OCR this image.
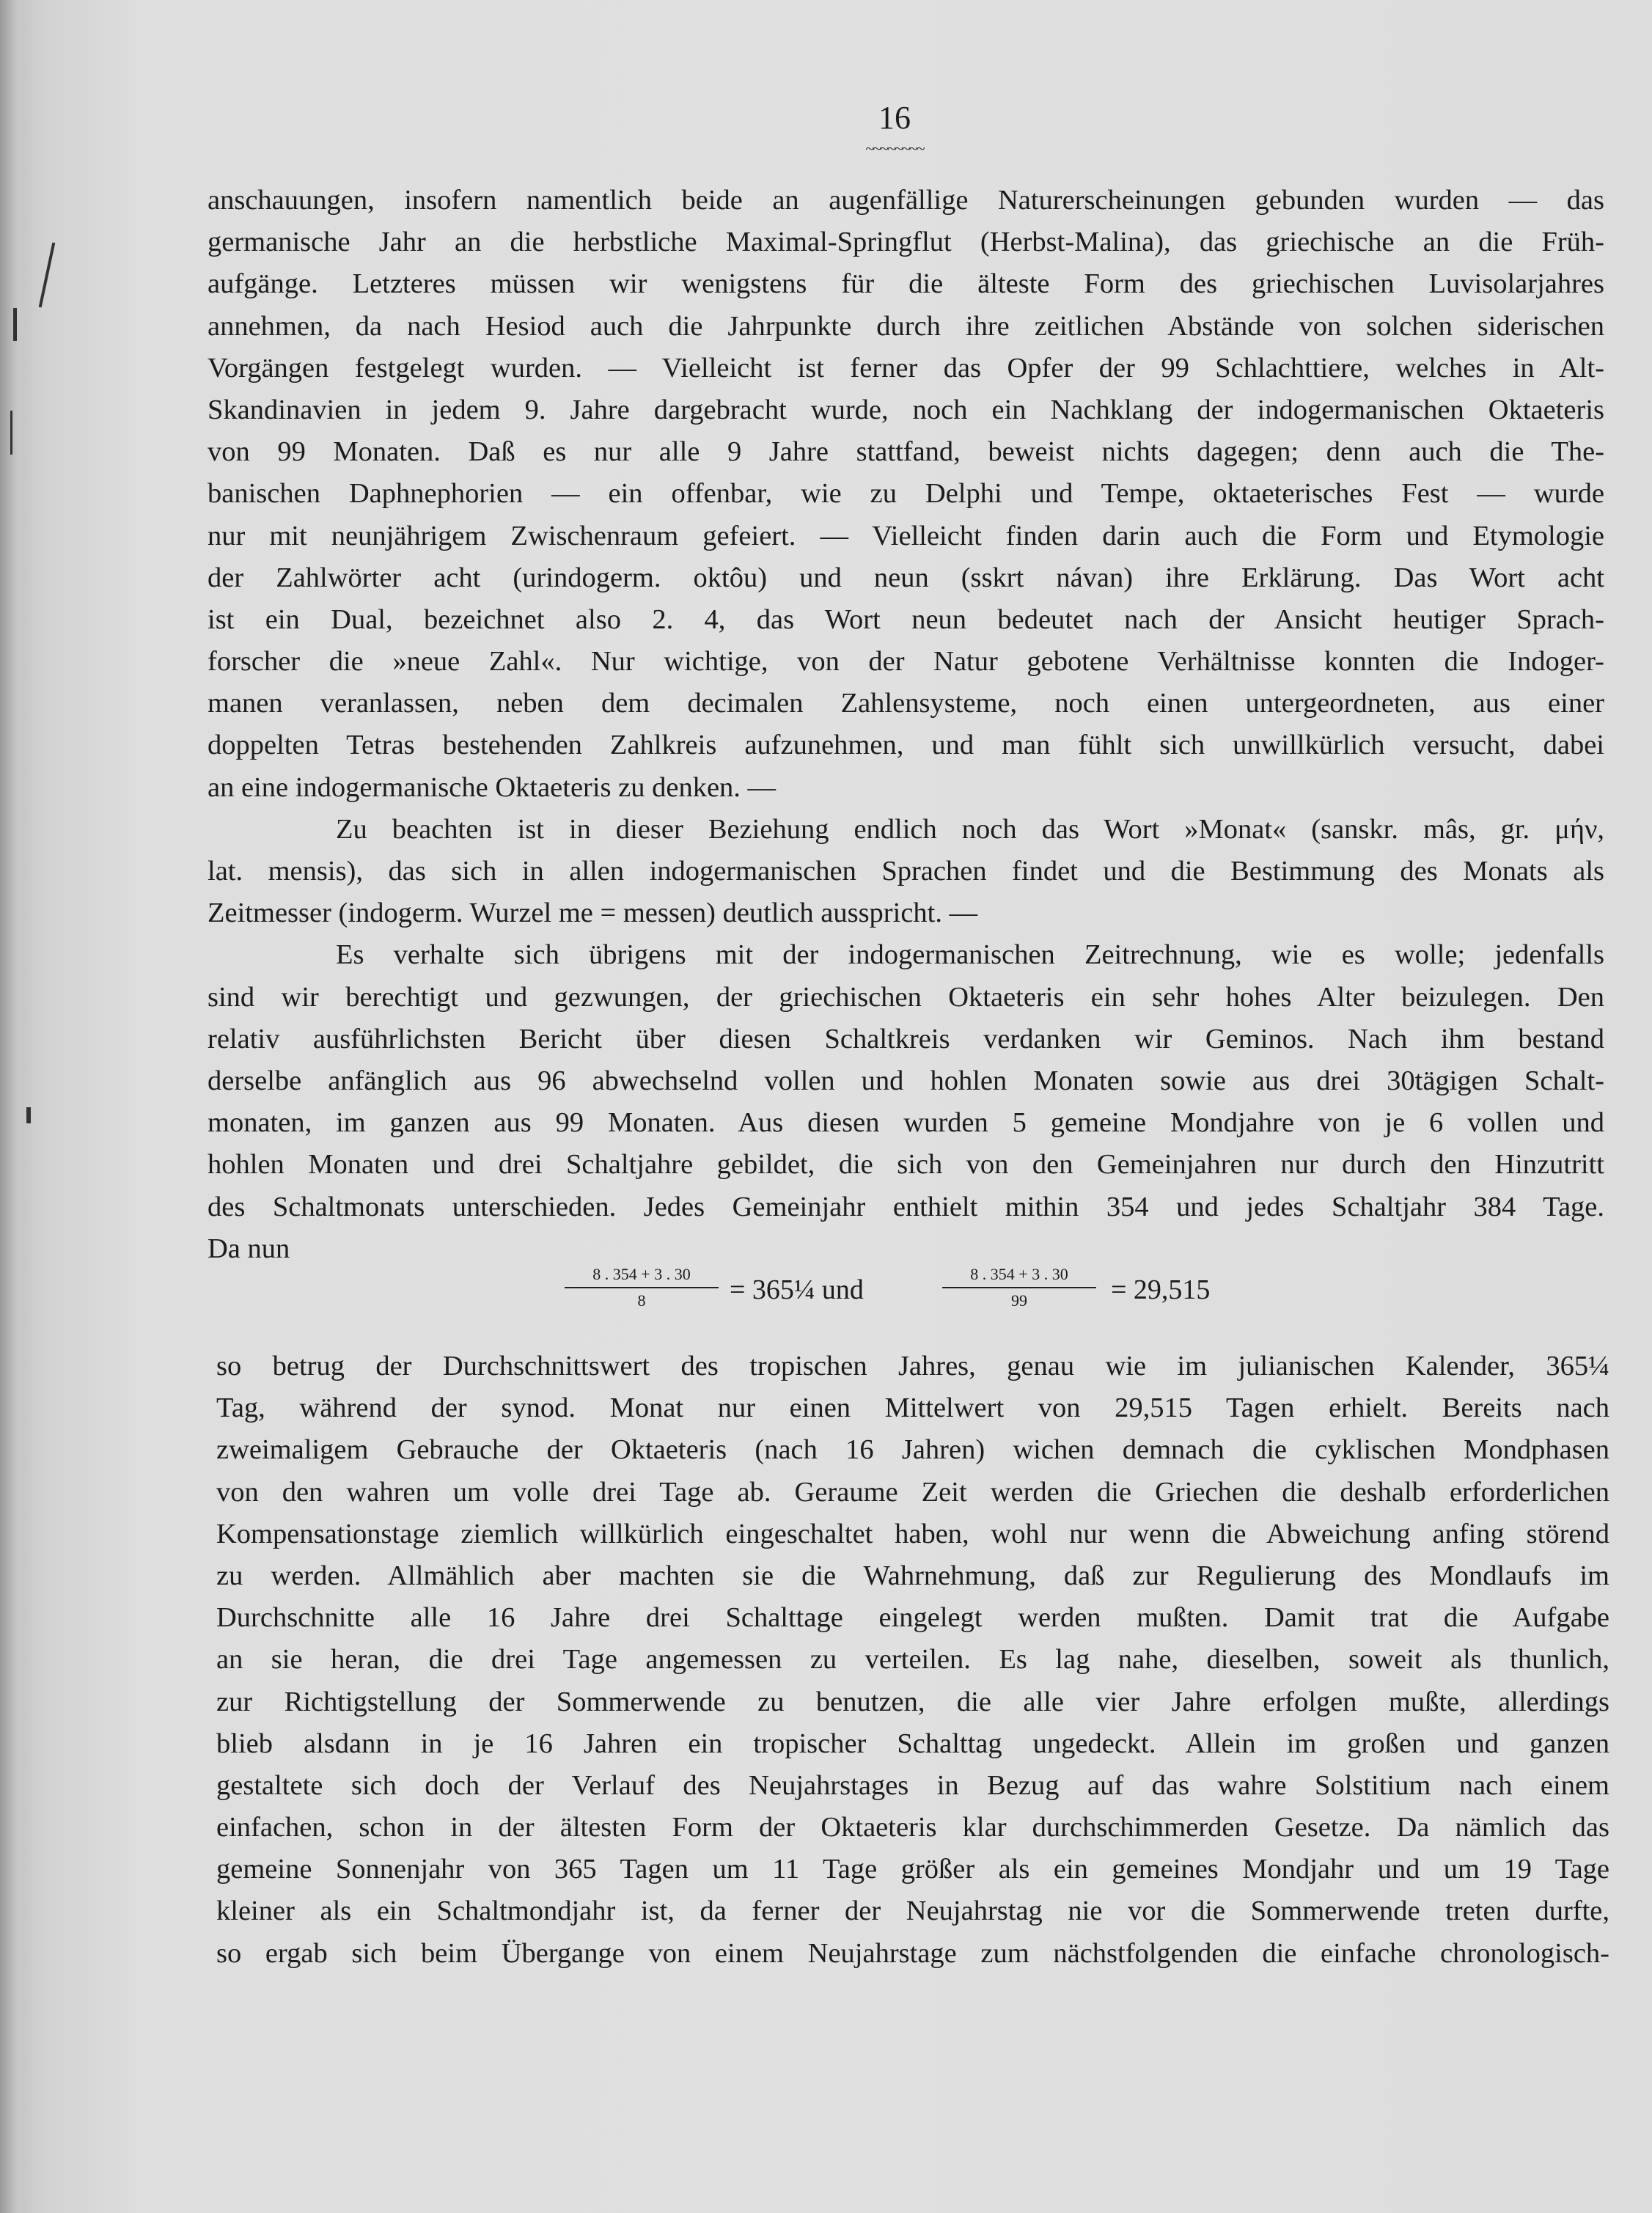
16
~~~~~~~~
anschauungen, insofern namentlich beide an augenfällige Naturerscheinungen gebunden wurden — das
germanische Jahr an die herbstliche Maximal-Springflut (Herbst-Malina), das griechische an die Früh-
aufgänge. Letzteres müssen wir wenigstens für die älteste Form des griechischen Luvisolarjahres
annehmen, da nach Hesiod auch die Jahrpunkte durch ihre zeitlichen Abstände von solchen siderischen
Vorgängen festgelegt wurden. — Vielleicht ist ferner das Opfer der 99 Schlachttiere, welches in Alt-
Skandinavien in jedem 9. Jahre dargebracht wurde, noch ein Nachklang der indogermanischen Oktaeteris
von 99 Monaten. Daß es nur alle 9 Jahre stattfand, beweist nichts dagegen; denn auch die The-
banischen Daphnephorien — ein offenbar, wie zu Delphi und Tempe, oktaeterisches Fest — wurde
nur mit neunjährigem Zwischenraum gefeiert. — Vielleicht finden darin auch die Form und Etymologie
der Zahlwörter acht (urindogerm. oktôu) und neun (sskrt návan) ihre Erklärung. Das Wort acht
ist ein Dual, bezeichnet also 2. 4, das Wort neun bedeutet nach der Ansicht heutiger Sprach-
forscher die »neue Zahl«. Nur wichtige, von der Natur gebotene Verhältnisse konnten die Indoger-
manen veranlassen, neben dem decimalen Zahlensysteme, noch einen untergeordneten, aus einer
doppelten Tetras bestehenden Zahlkreis aufzunehmen, und man fühlt sich unwillkürlich versucht, dabei
an eine indogermanische Oktaeteris zu denken. —
Zu beachten ist in dieser Beziehung endlich noch das Wort »Monat« (sanskr. mâs, gr. μήν,
lat. mensis), das sich in allen indogermanischen Sprachen findet und die Bestimmung des Monats als
Zeitmesser (indogerm. Wurzel me = messen) deutlich ausspricht. —
Es verhalte sich übrigens mit der indogermanischen Zeitrechnung, wie es wolle; jedenfalls
sind wir berechtigt und gezwungen, der griechischen Oktaeteris ein sehr hohes Alter beizulegen. Den
relativ ausführlichsten Bericht über diesen Schaltkreis verdanken wir Geminos. Nach ihm bestand
derselbe anfänglich aus 96 abwechselnd vollen und hohlen Monaten sowie aus drei 30tägigen Schalt-
monaten, im ganzen aus 99 Monaten. Aus diesen wurden 5 gemeine Mondjahre von je 6 vollen und
hohlen Monaten und drei Schaltjahre gebildet, die sich von den Gemeinjahren nur durch den Hinzutritt
des Schaltmonats unterschieden. Jedes Gemeinjahr enthielt mithin 354 und jedes Schaltjahr 384 Tage.
Da nun
$\frac{8 . 354 + 3 . 30}{8}$ = 365¼ und	$\frac{8 . 354 + 3 . 30}{99} = 29,515$
so betrug der Durchschnittswert des tropischen Jahres, genau wie im julianischen Kalender, 365¼
Tag, während der synod. Monat nur einen Mittelwert von 29,515 Tagen erhielt. Bereits nach
zweimaligem Gebrauche der Oktaeteris (nach 16 Jahren) wichen demnach die cyklischen Mondphasen
von den wahren um volle drei Tage ab. Geraume Zeit werden die Griechen die deshalb erforderlichen
Kompensationstage ziemlich willkürlich eingeschaltet haben, wohl nur wenn die Abweichung anfing störend
zu werden. Allmählich aber machten sie die Wahrnehmung, daß zur Regulierung des Mondlaufs im
Durchschnitte alle 16 Jahre drei Schalttage eingelegt werden mußten. Damit trat die Aufgabe
an sie heran, die drei Tage angemessen zu verteilen. Es lag nahe, dieselben, soweit als thunlich,
zur Richtigstellung der Sommerwende zu benutzen, die alle vier Jahre erfolgen mußte, allerdings
blieb alsdann in je 16 Jahren ein tropischer Schalttag ungedeckt. Allein im großen und ganzen
gestaltete sich doch der Verlauf des Neujahrstages in Bezug auf das wahre Solstitium nach einem
einfachen, schon in der ältesten Form der Oktaeteris klar durchschimmerden Gesetze. Da nämlich das
gemeine Sonnenjahr von 365 Tagen um 11 Tage größer als ein gemeines Mondjahr und um 19 Tage
kleiner als ein Schaltmondjahr ist, da ferner der Neujahrstag nie vor die Sommerwende treten durfte,
so ergab sich beim Übergange von einem Neujahrstage zum nächstfolgenden die einfache chronologisch-
